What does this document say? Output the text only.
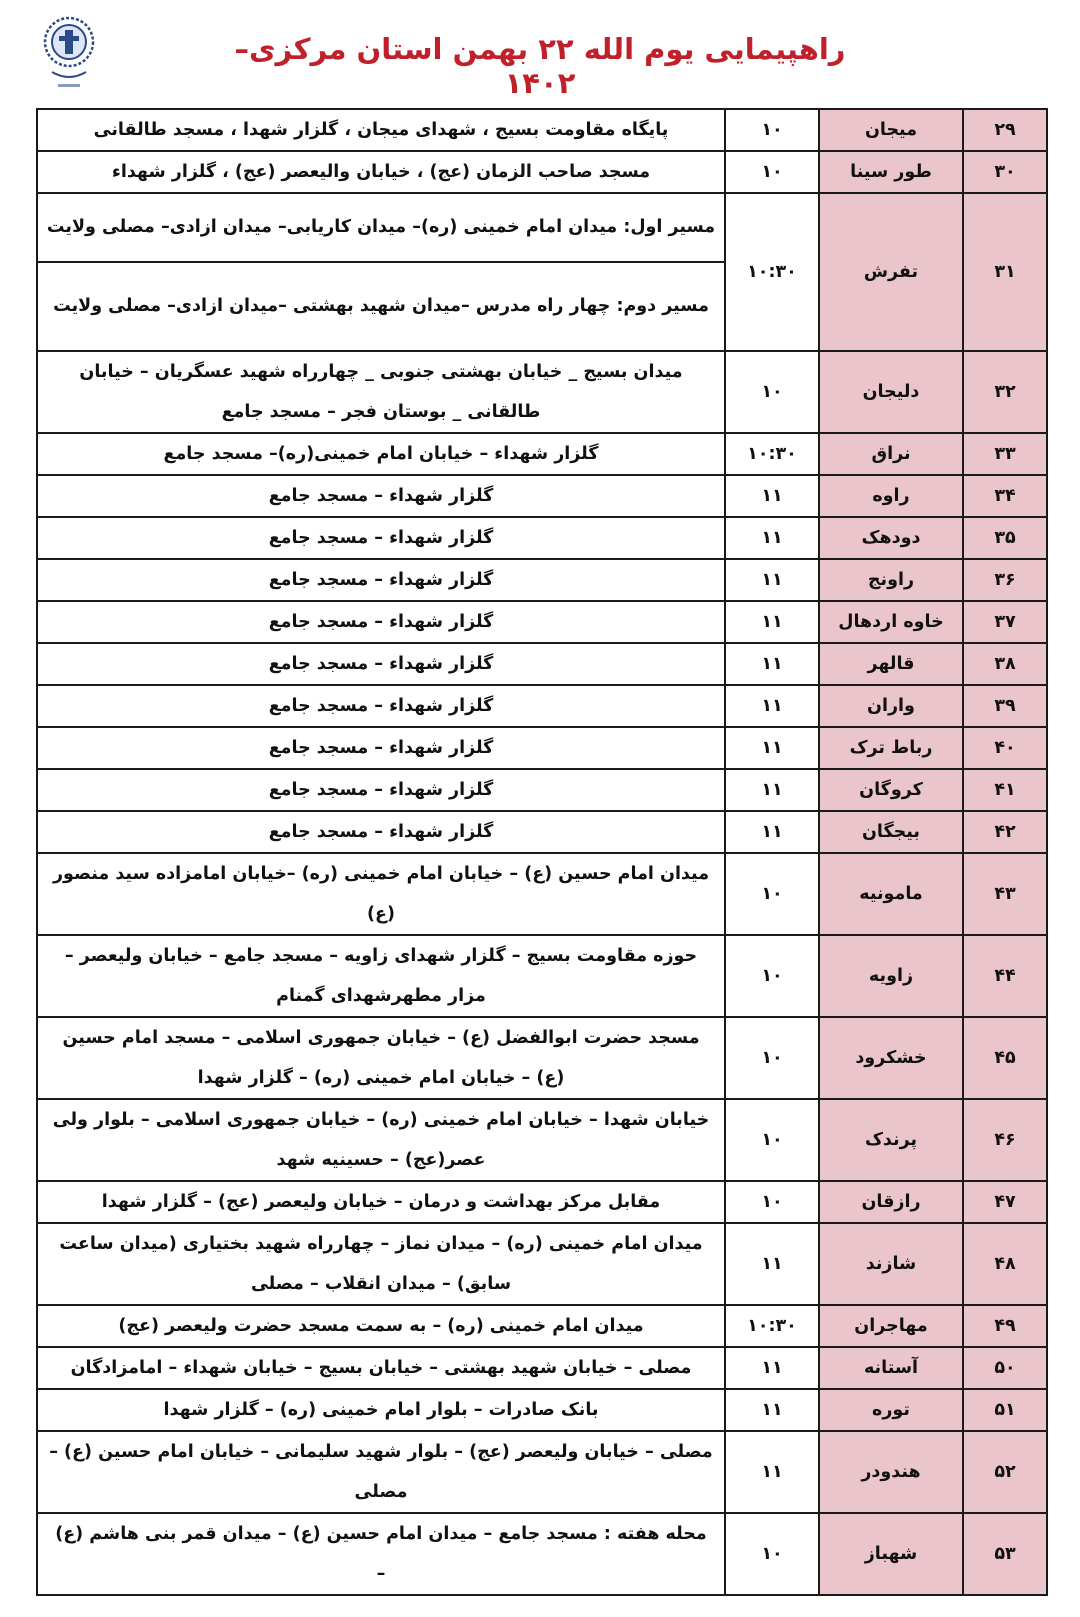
راهپیمایی یوم الله ۲۲ بهمن استان مرکزی– ۱۴۰۲
۲۹	میجان	۱۰	پایگاه مقاومت بسیج ، شهدای میجان ، گلزار شهدا ، مسجد طالقانی
۳۰	طور سینا	۱۰	مسجد صاحب الزمان (عج) ، خیابان والیعصر (عج) ، گلزار شهداء
۳۱	تفرش	۱۰:۳۰	مسیر اول: میدان امام خمینی (ره)– میدان کاریابی– میدان ازادی– مصلی ولایت
مسیر دوم: چهار راه مدرس –میدان شهید بهشتی –میدان ازادی– مصلی ولایت

۳۲	دلیجان	۱۰	میدان بسیج _ خیابان بهشتی جنوبی _ چهارراه شهید عسگریان – خیابان طالقانی _ بوستان فجر – مسجد جامع
۳۳	نراق	۱۰:۳۰	گلزار شهداء – خیابان امام خمینی(ره)– مسجد جامع
۳۴	راوه	۱۱	گلزار شهداء – مسجد جامع
۳۵	دودهک	۱۱	گلزار شهداء – مسجد جامع
۳۶	راونج	۱۱	گلزار شهداء – مسجد جامع
۳۷	خاوه اردهال	۱۱	گلزار شهداء – مسجد جامع
۳۸	قالهر	۱۱	گلزار شهداء – مسجد جامع
۳۹	واران	۱۱	گلزار شهداء – مسجد جامع
۴۰	رباط ترک	۱۱	گلزار شهداء – مسجد جامع
۴۱	کروگان	۱۱	گلزار شهداء – مسجد جامع
۴۲	بیجگان	۱۱	گلزار شهداء – مسجد جامع
۴۳	مامونیه	۱۰	میدان امام حسین (ع) – خیابان امام خمینی (ره) –خیابان امامزاده سید منصور (ع)
۴۴	زاویه	۱۰	حوزه مقاومت بسیج – گلزار شهدای زاویه – مسجد جامع – خیابان ولیعصر – مزار مطهرشهدای گمنام
۴۵	خشکرود	۱۰	مسجد حضرت ابوالفضل (ع) – خیابان جمهوری اسلامی – مسجد امام حسین (ع) – خیابان امام خمینی (ره) – گلزار شهدا
۴۶	پرندک	۱۰	خیابان شهدا – خیابان امام خمینی (ره) – خیابان جمهوری اسلامی – بلوار ولی عصر(عج) – حسینیه شهد
۴۷	رازقان	۱۰	مقابل مرکز بهداشت و درمان – خیابان ولیعصر (عج) – گلزار شهدا
۴۸	شازند	۱۱	میدان امام خمینی (ره) – میدان نماز – چهارراه شهید بختیاری (میدان ساعت سابق) – میدان انقلاب – مصلی
۴۹	مهاجران	۱۰:۳۰	میدان امام خمینی (ره) – به سمت مسجد حضرت ولیعصر (عج)
۵۰	آستانه	۱۱	مصلی – خیابان شهید بهشتی – خیابان بسیج – خیابان شهداء – امامزادگان
۵۱	توره	۱۱	بانک صادرات – بلوار امام خمینی (ره) – گلزار شهدا
۵۲	هندودر	۱۱	مصلی – خیابان ولیعصر (عج) – بلوار شهید سلیمانی – خیابان امام حسین (ع) – مصلی
۵۳	شهباز	۱۰	محله هفته : مسجد جامع – میدان امام حسین (ع) – میدان قمر بنی هاشم (ع) –
